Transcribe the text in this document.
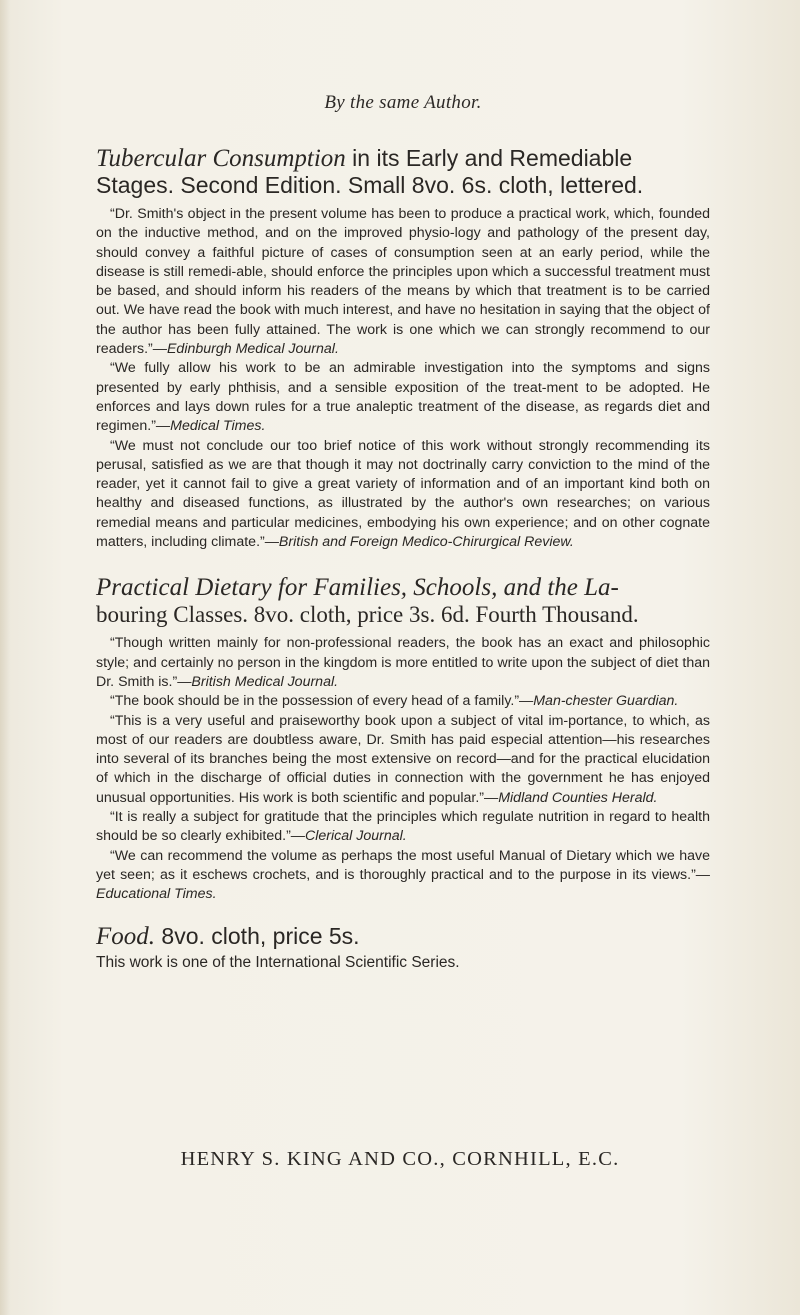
By the same Author.
Tubercular Consumption in its Early and Remediable Stages. Second Edition. Small 8vo. 6s. cloth, lettered.

“Dr. Smith's object in the present volume has been to produce a practical work, which, founded on the inductive method, and on the improved physio-logy and pathology of the present day, should convey a faithful picture of cases of consumption seen at an early period, while the disease is still remedi-able, should enforce the principles upon which a successful treatment must be based, and should inform his readers of the means by which that treatment is to be carried out. We have read the book with much interest, and have no hesitation in saying that the object of the author has been fully attained. The work is one which we can strongly recommend to our readers.”—Edinburgh Medical Journal.

“We fully allow his work to be an admirable investigation into the symptoms and signs presented by early phthisis, and a sensible exposition of the treat-ment to be adopted. He enforces and lays down rules for a true analeptic treatment of the disease, as regards diet and regimen.”—Medical Times.

“We must not conclude our too brief notice of this work without strongly recommending its perusal, satisfied as we are that though it may not doctrinally carry conviction to the mind of the reader, yet it cannot fail to give a great variety of information and of an important kind both on healthy and diseased functions, as illustrated by the author's own researches; on various remedial means and particular medicines, embodying his own experience; and on other cognate matters, including climate.”—British and Foreign Medico-Chirurgical Review.

Practical Dietary for Families, Schools, and the La-
bouring Classes. 8vo. cloth, price 3s. 6d. Fourth Thousand.

“Though written mainly for non-professional readers, the book has an exact and philosophic style; and certainly no person in the kingdom is more entitled to write upon the subject of diet than Dr. Smith is.”—British Medical Journal.

“The book should be in the possession of every head of a family.”—Man-chester Guardian.

“This is a very useful and praiseworthy book upon a subject of vital im-portance, to which, as most of our readers are doubtless aware, Dr. Smith has paid especial attention—his researches into several of its branches being the most extensive on record—and for the practical elucidation of which in the discharge of official duties in connection with the government he has enjoyed unusual opportunities. His work is both scientific and popular.”—Midland Counties Herald.

“It is really a subject for gratitude that the principles which regulate nutrition in regard to health should be so clearly exhibited.”—Clerical Journal.

“We can recommend the volume as perhaps the most useful Manual of Dietary which we have yet seen; as it eschews crochets, and is thoroughly practical and to the purpose in its views.”—Educational Times.

Food. 8vo. cloth, price 5s.

This work is one of the International Scientific Series.

HENRY S. KING AND CO., CORNHILL, E.C.
